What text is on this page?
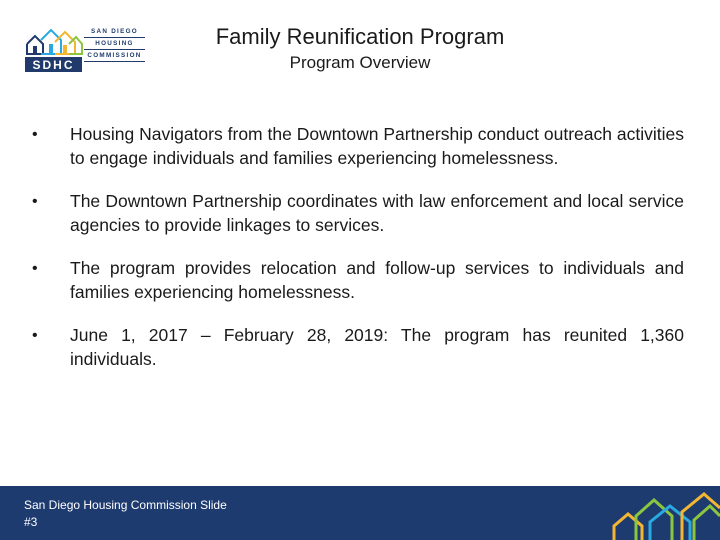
SDHC
SAN DIEGO
HOUSING
COMMISSION
Family Reunification Program
Program Overview
• Housing Navigators from the Downtown Partnership conduct outreach activities to engage individuals and families experiencing homelessness.
• The Downtown Partnership coordinates with law enforcement and local service agencies to provide linkages to services.
• The program provides relocation and follow-up services to individuals and families experiencing homelessness.
• June 1, 2017 – February 28, 2019: The program has reunited 1,360 individuals.
San Diego Housing Commission Slide
#3
